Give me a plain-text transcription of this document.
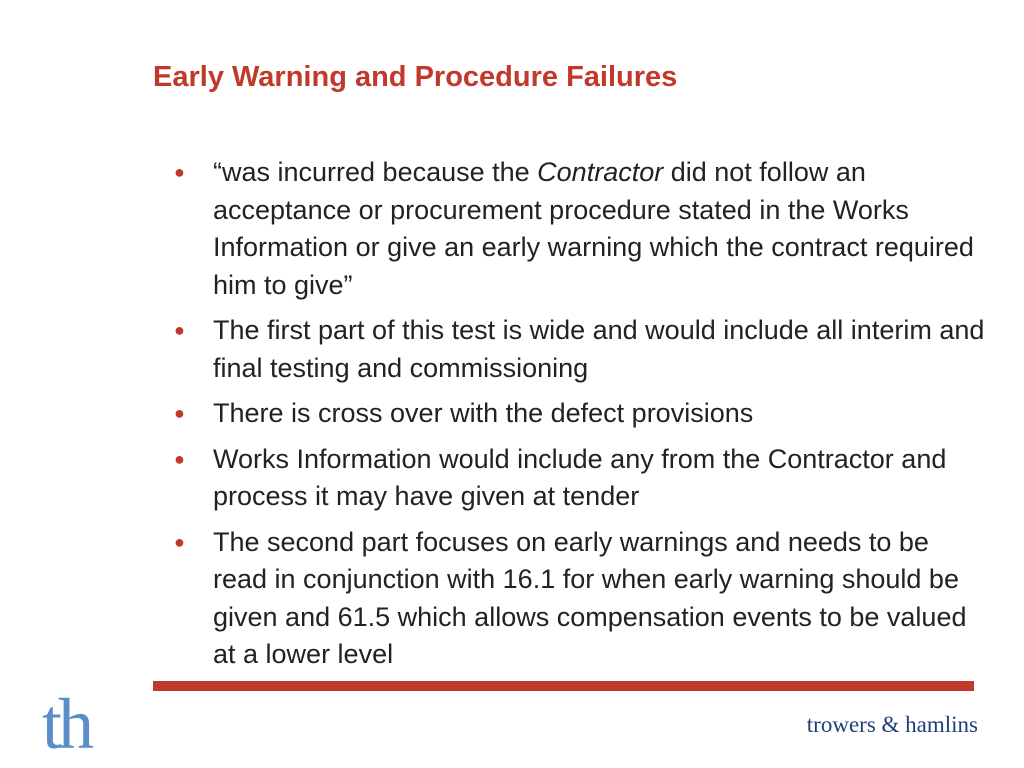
Early Warning and Procedure Failures
● “was incurred because the Contractor did not follow an acceptance or procurement procedure stated in the Works Information or give an early warning which the contract required him to give”
● The first part of this test is wide and would include all interim and final testing and commissioning
● There is cross over with the defect provisions
● Works Information would include any from the Contractor and process it may have given at tender
● The second part focuses on early warnings and needs to be read in conjunction with 16.1 for when early warning should be given and 61.5 which allows compensation events to be valued at a lower level
th	trowers & hamlins
